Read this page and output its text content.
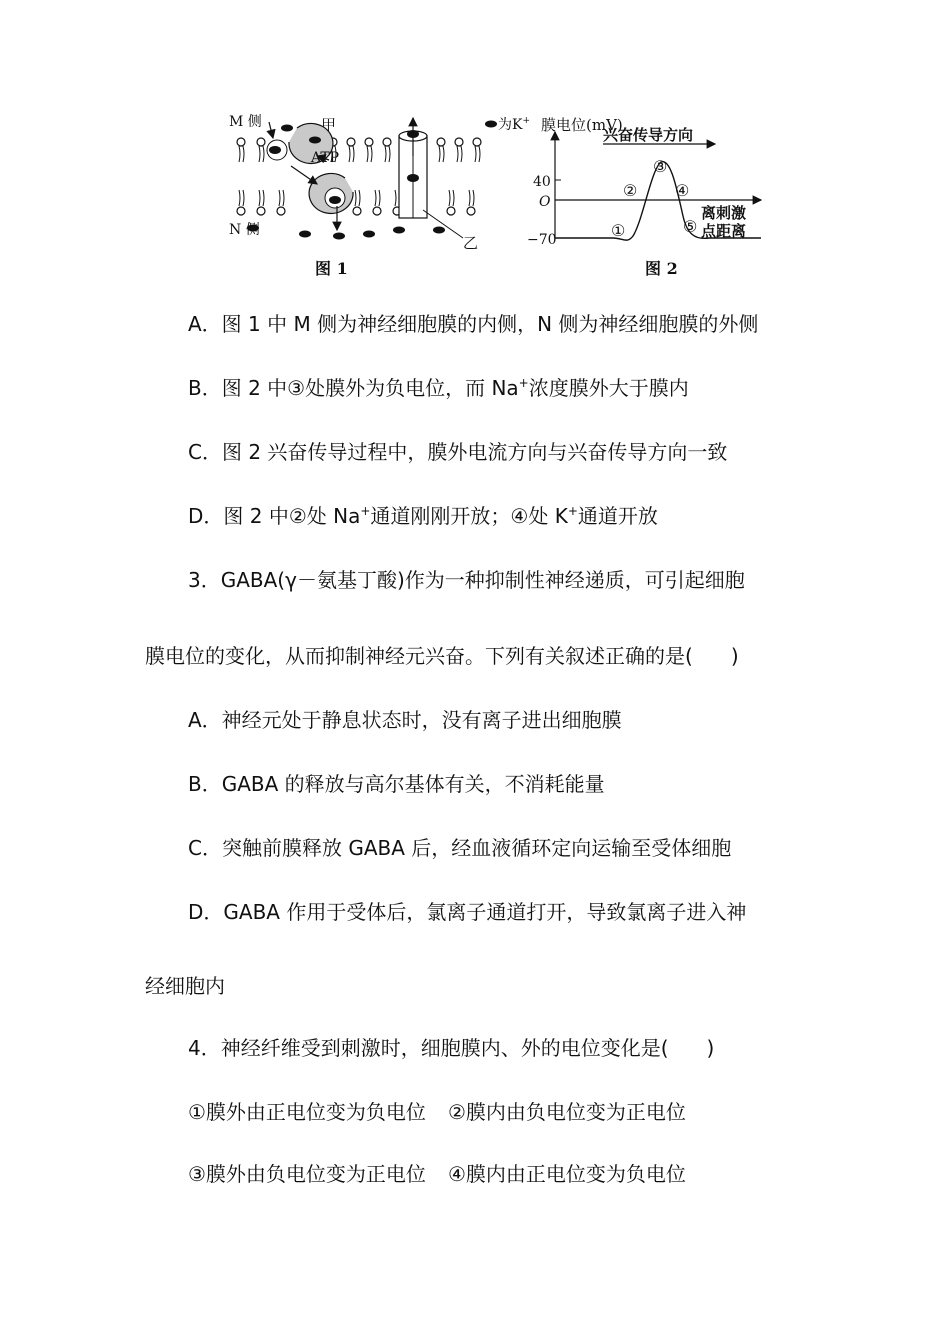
M 侧
N 侧
甲
ATP
乙
为K+
图 1
膜电位(mV)
兴奋传导方向
40
O
−70
离刺激
点距离
①
②
③
④
⑤
图 2
A．图 1 中 M 侧为神经细胞膜的内侧，N 侧为神经细胞膜的外侧
B．图 2 中③处膜外为负电位，而 Na+浓度膜外大于膜内
C．图 2 兴奋传导过程中，膜外电流方向与兴奋传导方向一致
D．图 2 中②处 Na+通道刚刚开放；④处 K+通道开放
3．GABA(γ－氨基丁酸)作为一种抑制性神经递质，可引起细胞
膜电位的变化，从而抑制神经元兴奋。下列有关叙述正确的是( )
A．神经元处于静息状态时，没有离子进出细胞膜
B．GABA 的释放与高尔基体有关，不消耗能量
C．突触前膜释放 GABA 后，经血液循环定向运输至受体细胞
D．GABA 作用于受体后，氯离子通道打开，导致氯离子进入神
经细胞内
4．神经纤维受到刺激时，细胞膜内、外的电位变化是( )
①膜外由正电位变为负电位 ②膜内由负电位变为正电位
③膜外由负电位变为正电位 ④膜内由正电位变为负电位
